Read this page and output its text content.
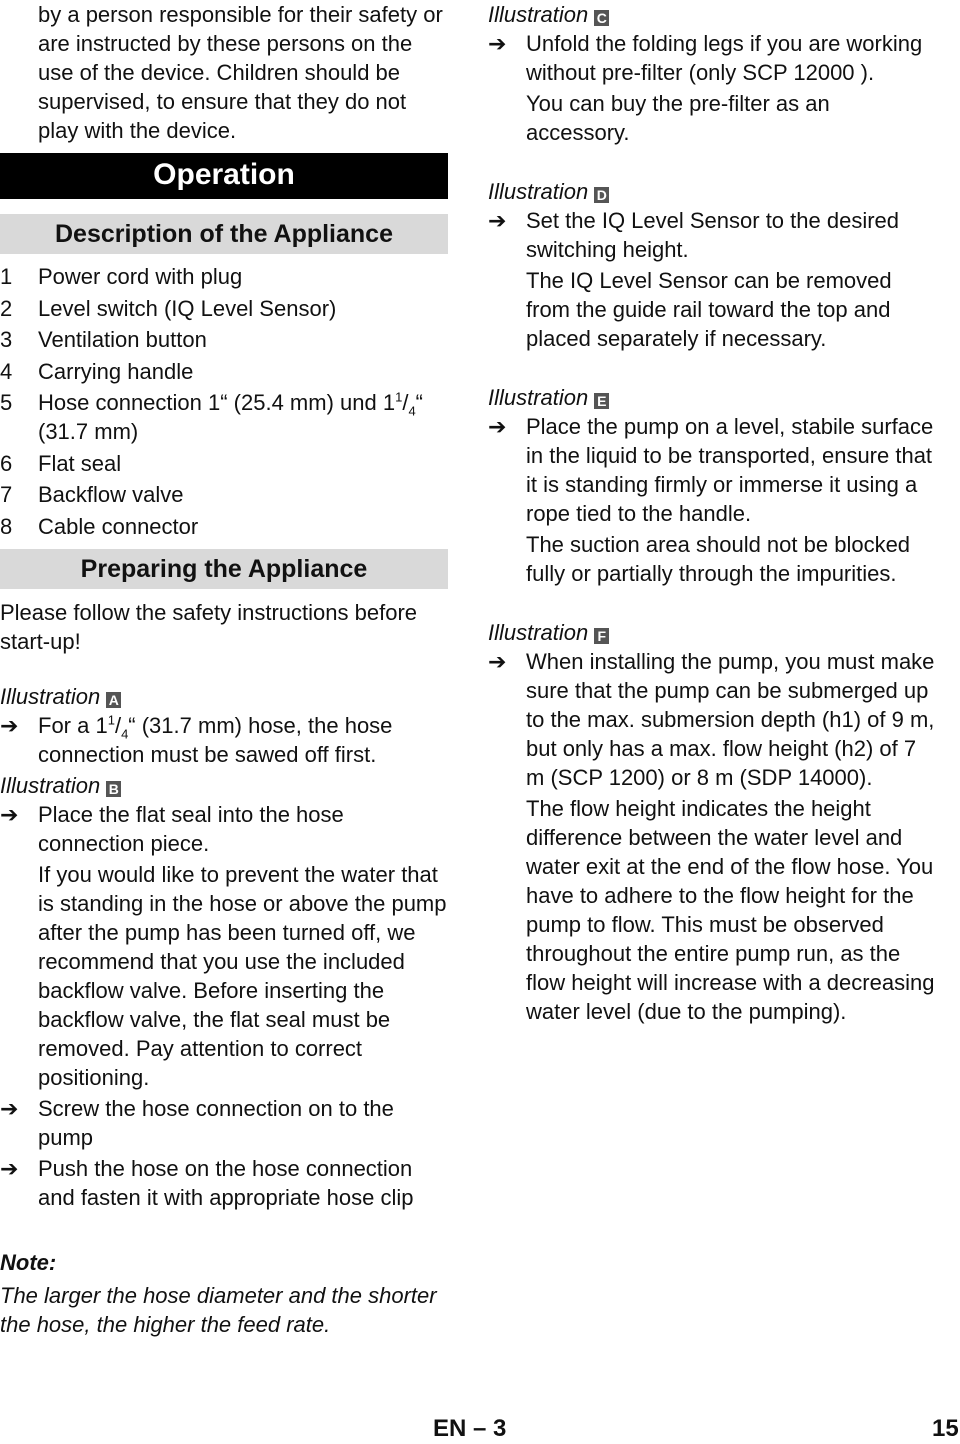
by a person responsible for their safety or are instructed by these persons on the use of the device. Children should be supervised, to ensure that they do not play with the device.

Operation
Description of the Appliance
1	Power cord with plug
2	Level switch (IQ Level Sensor)
3	Ventilation button
4	Carrying handle
5	Hose connection 1“ (25.4 mm) und $1^1/_4“$ (31.7 mm)
6	Flat seal
7	Backflow valve
8	Cable connector
Preparing the Appliance

Please follow the safety instructions before start-up!

Illustration A
➔ For a $1^1/_4“$ (31.7 mm) hose, the hose connection must be sawed off first.
Illustration B
➔ Place the flat seal into the hose connection piece.

If you would like to prevent the water that is standing in the hose or above the pump after the pump has been turned off, we recommend that you use the included backflow valve. Before inserting the backflow valve, the flat seal must be removed. Pay attention to correct positioning.

➔ Screw the hose connection on to the pump
➔ Push the hose on the hose connection and fasten it with appropriate hose clip

Note:

The larger the hose diameter and the shorter the hose, the higher the feed rate.

Illustration C
➔ Unfold the folding legs if you are working without pre-filter (only SCP 12000 ).

You can buy the pre-filter as an accessory.

Illustration D
➔ Set the IQ Level Sensor to the desired switching height.

The IQ Level Sensor can be removed from the guide rail toward the top and placed separately if necessary.

Illustration E
➔ Place the pump on a level, stabile surface in the liquid to be transported, ensure that it is standing firmly or immerse it using a rope tied to the handle.

The suction area should not be blocked fully or partially through the impurities.

Illustration F
➔ When installing the pump, you must make sure that the pump can be submerged up to the max. submersion depth (h1) of 9 m, but only has a max. flow height (h2) of 7 m (SCP 1200) or 8 m (SDP 14000).

The flow height indicates the height difference between the water level and water exit at the end of the flow hose. You have to adhere to the flow height for the pump to flow. This must be observed throughout the entire pump run, as the flow height will increase with a decreasing water level (due to the pumping).

EN – 3	15
